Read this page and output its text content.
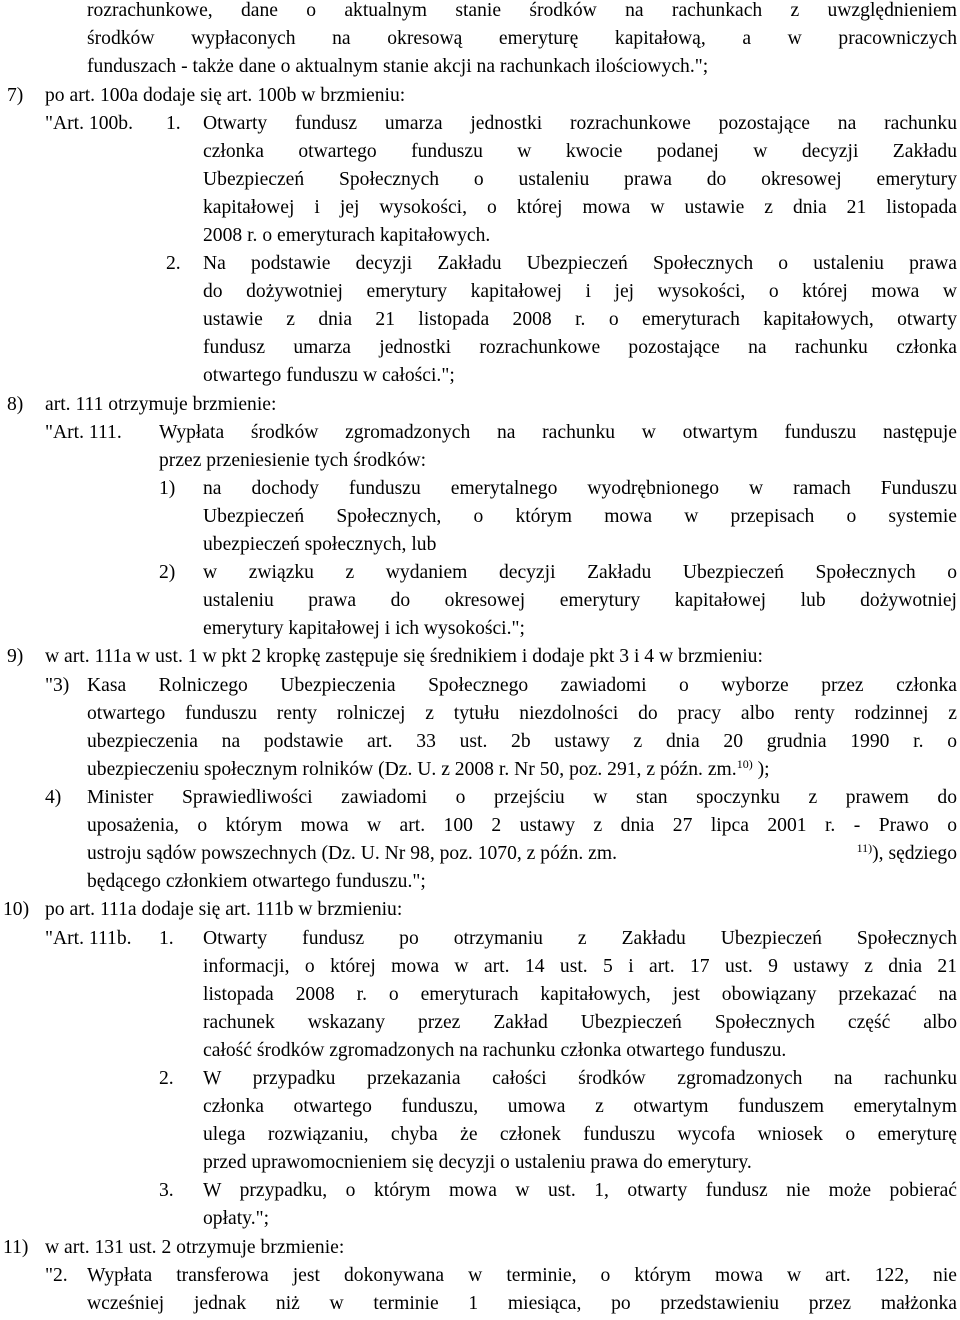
rozrachunkowe, dane o aktualnym stanie środków na rachunkach z uwzględnieniem
środków wypłaconych na okresową emeryturę kapitałową, a w pracowniczych
funduszach - także dane o aktualnym stanie akcji na rachunkach ilościowych.";
7) po art. 100a dodaje się art. 100b w brzmieniu:
"Art. 100b. 1. Otwarty fundusz umarza jednostki rozrachunkowe pozostające na rachunku
członka otwartego funduszu w kwocie podanej w decyzji Zakładu
Ubezpieczeń Społecznych o ustaleniu prawa do okresowej emerytury
kapitałowej i jej wysokości, o której mowa w ustawie z dnia 21 listopada
2008 r. o emeryturach kapitałowych.
2. Na podstawie decyzji Zakładu Ubezpieczeń Społecznych o ustaleniu prawa
do dożywotniej emerytury kapitałowej i jej wysokości, o której mowa w
ustawie z dnia 21 listopada 2008 r. o emeryturach kapitałowych, otwarty
fundusz umarza jednostki rozrachunkowe pozostające na rachunku członka
otwartego funduszu w całości.";
8) art. 111 otrzymuje brzmienie:
"Art. 111. Wypłata środków zgromadzonych na rachunku w otwartym funduszu następuje
przez przeniesienie tych środków:
1) na dochody funduszu emerytalnego wyodrębnionego w ramach Funduszu
Ubezpieczeń Społecznych, o którym mowa w przepisach o systemie
ubezpieczeń społecznych, lub
2) w związku z wydaniem decyzji Zakładu Ubezpieczeń Społecznych o
ustaleniu prawa do okresowej emerytury kapitałowej lub dożywotniej
emerytury kapitałowej i ich wysokości.";
9) w art. 111a w ust. 1 w pkt 2 kropkę zastępuje się średnikiem i dodaje pkt 3 i 4 w brzmieniu:
"3) Kasa Rolniczego Ubezpieczenia Społecznego zawiadomi o wyborze przez członka
otwartego funduszu renty rolniczej z tytułu niezdolności do pracy albo renty rodzinnej z
ubezpieczenia na podstawie art. 33 ust. 2b ustawy z dnia 20 grudnia 1990 r. o
ubezpieczeniu społecznym rolników (Dz. U. z 2008 r. Nr 50, poz. 291, z późn. zm.$^{10)}$ );
4) Minister Sprawiedliwości zawiadomi o przejściu w stan spoczynku z prawem do
uposażenia, o którym mowa w art. 100 2 ustawy z dnia 27 lipca 2001 r. - Prawo o
ustroju sądów powszechnych (Dz. U. Nr 98, poz. 1070, z późn. zm.	$^{11)}$), sędziego
będącego członkiem otwartego funduszu.";
10) po art. 111a dodaje się art. 111b w brzmieniu:
"Art. 111b. 1. Otwarty fundusz po otrzymaniu z Zakładu Ubezpieczeń Społecznych
informacji, o której mowa w art. 14 ust. 5 i art. 17 ust. 9 ustawy z dnia 21
listopada 2008 r. o emeryturach kapitałowych, jest obowiązany przekazać na
rachunek wskazany przez Zakład Ubezpieczeń Społecznych część albo
całość środków zgromadzonych na rachunku członka otwartego funduszu.
2. W przypadku przekazania całości środków zgromadzonych na rachunku
członka otwartego funduszu, umowa z otwartym funduszem emerytalnym
ulega rozwiązaniu, chyba że członek funduszu wycofa wniosek o emeryturę
przed uprawomocnieniem się decyzji o ustaleniu prawa do emerytury.
3. W przypadku, o którym mowa w ust. 1, otwarty fundusz nie może pobierać
opłaty.";
11) w art. 131 ust. 2 otrzymuje brzmienie:
"2. Wypłata transferowa jest dokonywana w terminie, o którym mowa w art. 122, nie
wcześniej jednak niż w terminie 1 miesiąca, po przedstawieniu przez małżonka
